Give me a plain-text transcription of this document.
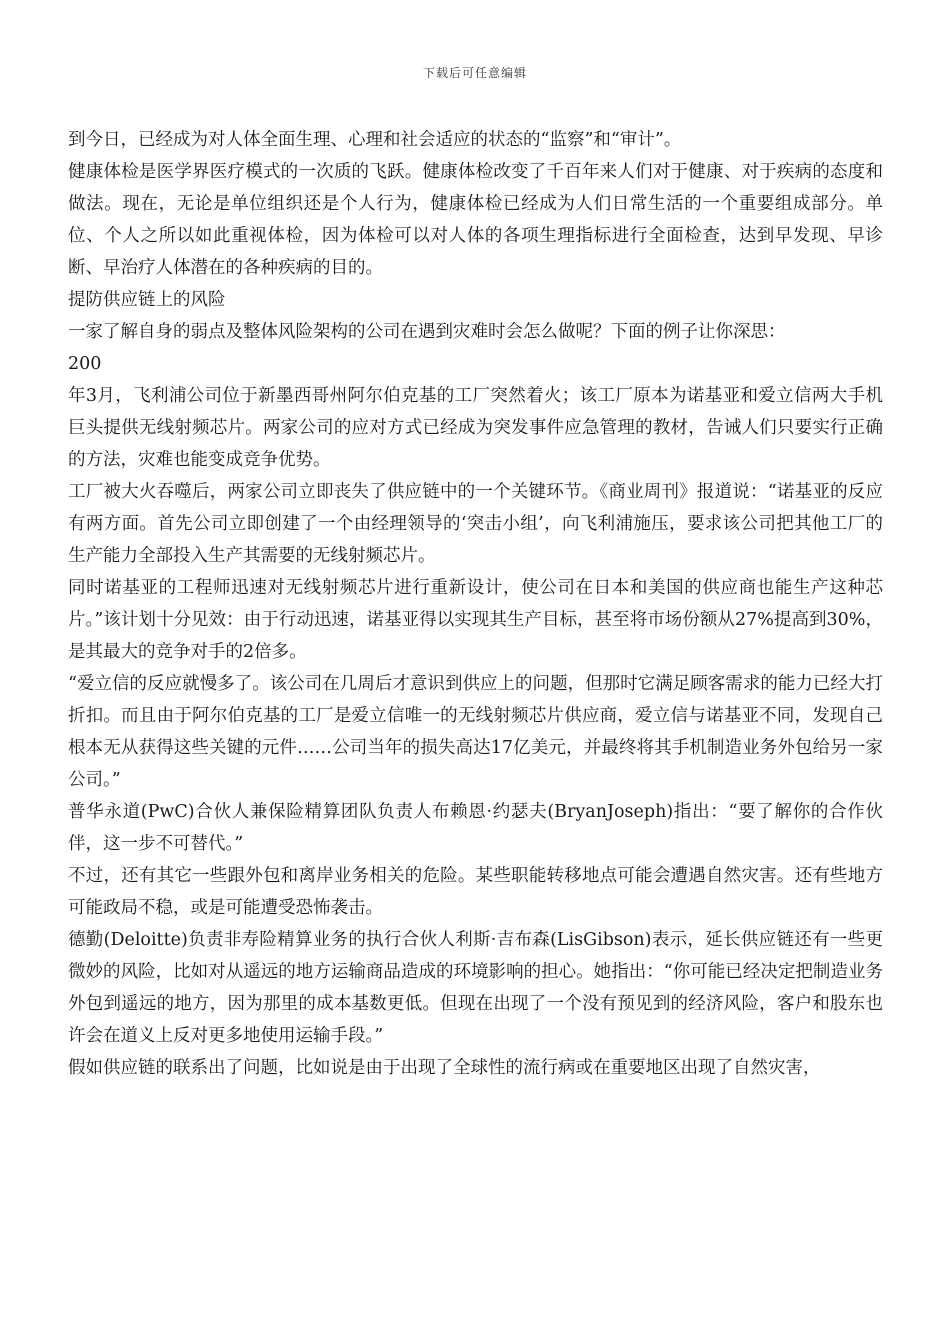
下载后可任意编辑

到今日，已经成为对人体全面生理、心理和社会适应的状态的“监察”和“审计”。

健康体检是医学界医疗模式的一次质的飞跃。健康体检改变了千百年来人们对于健康、对于疾病的态度和做法。现在，无论是单位组织还是个人行为，健康体检已经成为人们日常生活的一个重要组成部分。单位、个人之所以如此重视体检，因为体检可以对人体的各项生理指标进行全面检查，达到早发现、早诊断、早治疗人体潜在的各种疾病的目的。

提防供应链上的风险

一家了解自身的弱点及整体风险架构的公司在遇到灾难时会怎么做呢？下面的例子让你深思：

200

年3月，飞利浦公司位于新墨西哥州阿尔伯克基的工厂突然着火；该工厂原本为诺基亚和爱立信两大手机巨头提供无线射频芯片。两家公司的应对方式已经成为突发事件应急管理的教材，告诫人们只要实行正确的方法，灾难也能变成竞争优势。

工厂被大火吞噬后，两家公司立即丧失了供应链中的一个关键环节。《商业周刊》报道说：“诺基亚的反应有两方面。首先公司立即创建了一个由经理领导的‘突击小组’，向飞利浦施压，要求该公司把其他工厂的生产能力全部投入生产其需要的无线射频芯片。

同时诺基亚的工程师迅速对无线射频芯片进行重新设计，使公司在日本和美国的供应商也能生产这种芯片。”该计划十分见效：由于行动迅速，诺基亚得以实现其生产目标，甚至将市场份额从27%提高到30%，是其最大的竞争对手的2倍多。

“爱立信的反应就慢多了。该公司在几周后才意识到供应上的问题，但那时它满足顾客需求的能力已经大打折扣。而且由于阿尔伯克基的工厂是爱立信唯一的无线射频芯片供应商，爱立信与诺基亚不同，发现自己根本无从获得这些关键的元件……公司当年的损失高达17亿美元，并最终将其手机制造业务外包给另一家公司。”

普华永道(PwC)合伙人兼保险精算团队负责人布赖恩·约瑟夫(BryanJoseph)指出：“要了解你的合作伙伴，这一步不可替代。”

不过，还有其它一些跟外包和离岸业务相关的危险。某些职能转移地点可能会遭遇自然灾害。还有些地方可能政局不稳，或是可能遭受恐怖袭击。

德勤(Deloitte)负责非寿险精算业务的执行合伙人利斯·吉布森(LisGibson)表示，延长供应链还有一些更微妙的风险，比如对从遥远的地方运输商品造成的环境影响的担心。她指出：“你可能已经决定把制造业务外包到遥远的地方，因为那里的成本基数更低。但现在出现了一个没有预见到的经济风险，客户和股东也许会在道义上反对更多地使用运输手段。”

假如供应链的联系出了问题，比如说是由于出现了全球性的流行病或在重要地区出现了自然灾害，
